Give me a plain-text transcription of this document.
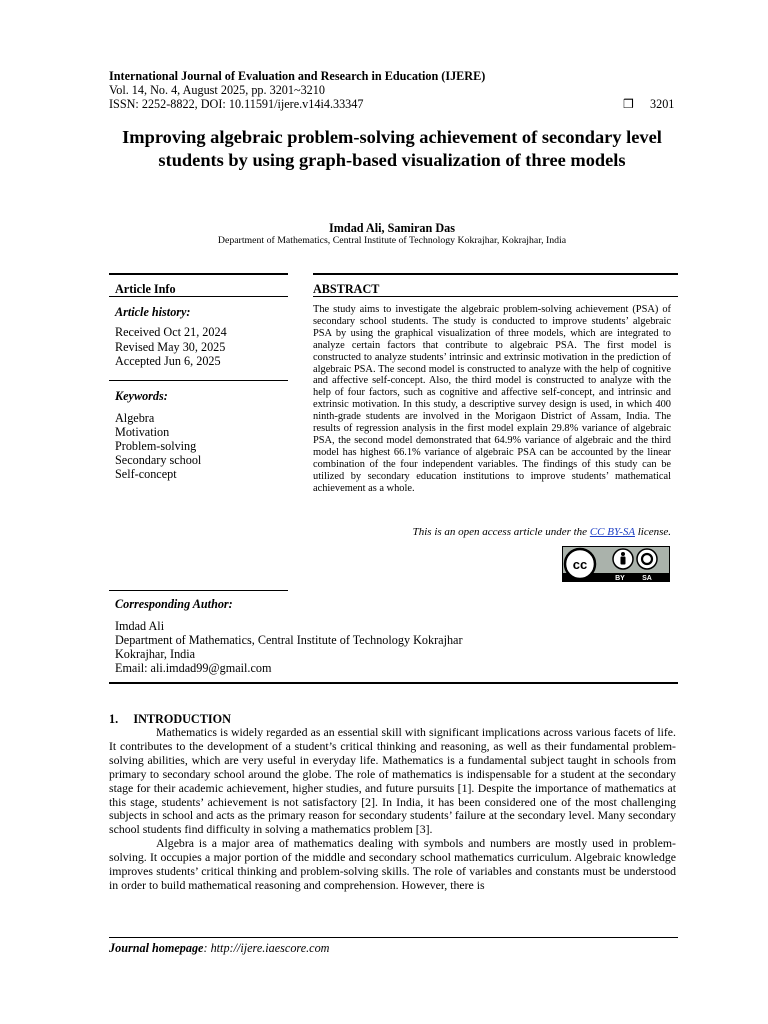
International Journal of Evaluation and Research in Education (IJERE)
Vol. 14, No. 4, August 2025, pp. 3201~3210
ISSN: 2252-8822, DOI: 10.11591/ijere.v14i4.33347	❒ 3201
Improving algebraic problem-solving achievement of secondary level students by using graph-based visualization of three models
Imdad Ali, Samiran Das
Department of Mathematics, Central Institute of Technology Kokrajhar, Kokrajhar, India
Article Info
Article history:
Received Oct 21, 2024
Revised May 30, 2025
Accepted Jun 6, 2025
Keywords:
Algebra
Motivation
Problem-solving
Secondary school
Self-concept
ABSTRACT
The study aims to investigate the algebraic problem-solving achievement (PSA) of secondary school students. The study is conducted to improve students’ algebraic PSA by using the graphical visualization of three models, which are integrated to analyze certain factors that contribute to algebraic PSA. The first model is constructed to analyze students’ intrinsic and extrinsic motivation in the prediction of algebraic PSA. The second model is constructed to analyze with the help of cognitive and affective self-concept. Also, the third model is constructed to analyze with the help of four factors, such as cognitive and affective self-concept, and intrinsic and extrinsic motivation. In this study, a descriptive survey design is used, in which 400 ninth-grade students are involved in the Morigaon District of Assam, India. The results of regression analysis in the first model explain 29.8% variance of algebraic PSA, the second model demonstrated that 64.9% variance of algebraic and the third model has highest 66.1% variance of algebraic PSA can be accounted by the linear combination of the four independent variables. The findings of this study can be utilized by secondary education institutions to improve students’ mathematical achievement as a whole.
This is an open access article under the CC BY-SA license.
cc
BY SA
Corresponding Author:
Imdad Ali
Department of Mathematics, Central Institute of Technology Kokrajhar
Kokrajhar, India
Email: ali.imdad99@gmail.com
1.     INTRODUCTION

Mathematics is widely regarded as an essential skill with significant implications across various facets of life. It contributes to the development of a student’s critical thinking and reasoning, as well as their fundamental problem-solving abilities, which are very useful in everyday life. Mathematics is a fundamental subject taught in schools from primary to secondary school around the globe. The role of mathematics is indispensable for a student at the secondary stage for their academic achievement, higher studies, and future pursuits [1]. Despite the importance of mathematics at this stage, students’ achievement is not satisfactory [2]. In India, it has been considered one of the most challenging subjects in school and acts as the primary reason for secondary students’ failure at the secondary level. Many secondary school students find difficulty in solving a mathematics problem [3].

Algebra is a major area of mathematics dealing with symbols and numbers are mostly used in problem-solving. It occupies a major portion of the middle and secondary school mathematics curriculum. Algebraic knowledge improves students’ critical thinking and problem-solving skills. The role of variables and constants must be understood in order to build mathematical reasoning and comprehension. However, there is

Journal homepage: http://ijere.iaescore.com
